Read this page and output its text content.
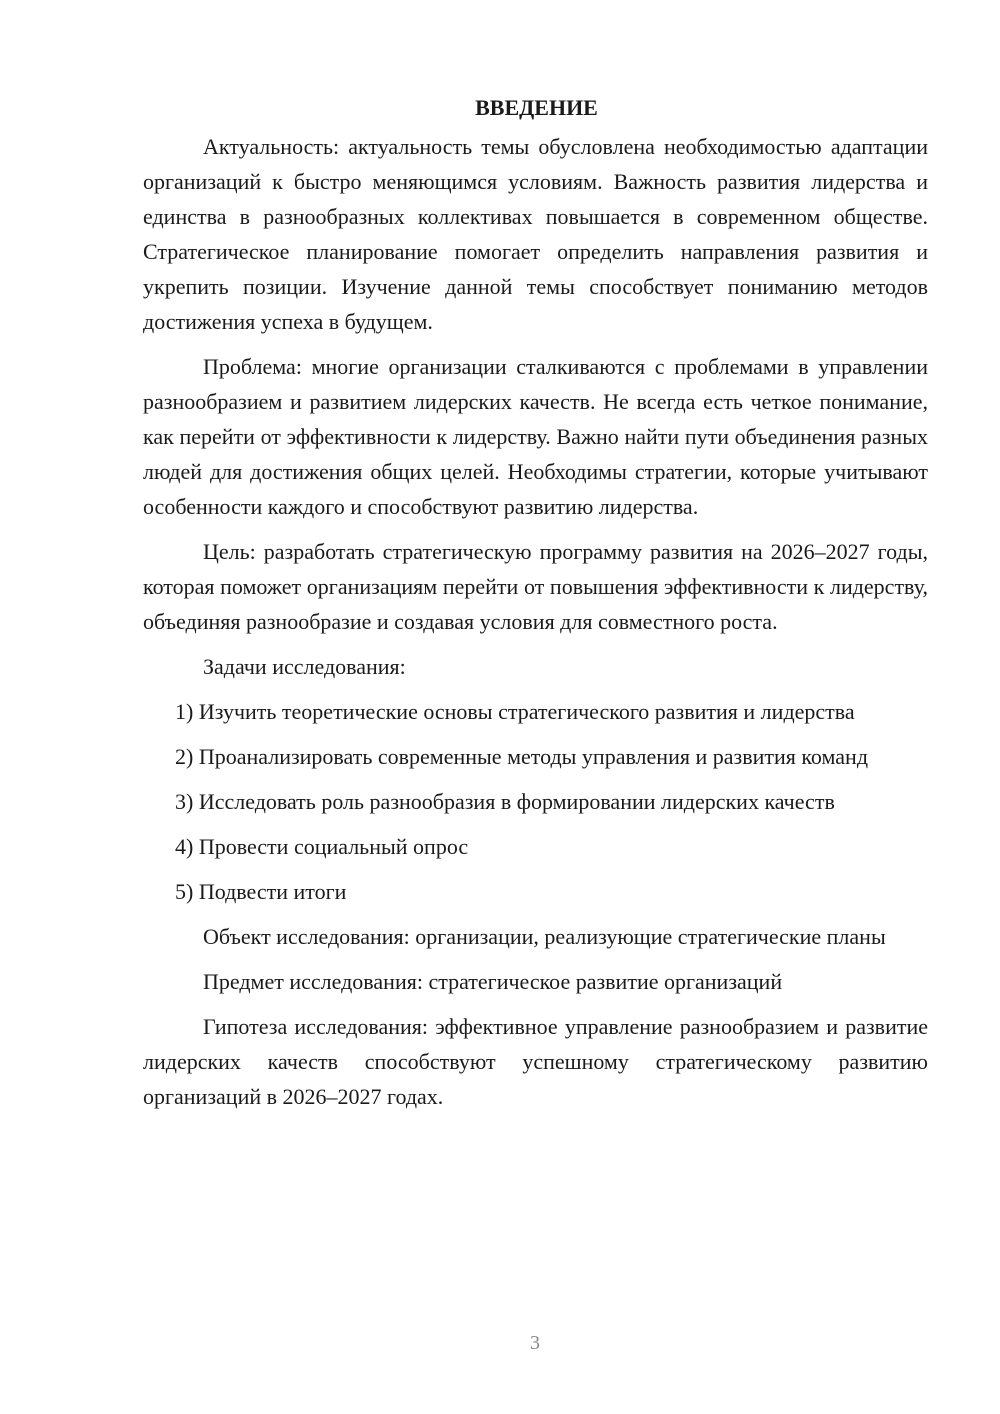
ВВЕДЕНИЕ

Актуальность: актуальность темы обусловлена необходимостью адаптации организаций к быстро меняющимся условиям. Важность развития лидерства и единства в разнообразных коллективах повышается в современном обществе. Стратегическое планирование помогает определить направления развития и укрепить позиции. Изучение данной темы способствует пониманию методов достижения успеха в будущем.

Проблема: многие организации сталкиваются с проблемами в управлении разнообразием и развитием лидерских качеств. Не всегда есть четкое понимание, как перейти от эффективности к лидерству. Важно найти пути объединения разных людей для достижения общих целей. Необходимы стратегии, которые учитывают особенности каждого и способствуют развитию лидерства.

Цель: разработать стратегическую программу развития на 2026–2027 годы, которая поможет организациям перейти от повышения эффективности к лидерству, объединяя разнообразие и создавая условия для совместного роста.

Задачи исследования:

1) Изучить теоретические основы стратегического развития и лидерства

2) Проанализировать современные методы управления и развития команд

3) Исследовать роль разнообразия в формировании лидерских качеств

4) Провести социальный опрос

5) Подвести итоги

Объект исследования: организации, реализующие стратегические планы

Предмет исследования: стратегическое развитие организаций

Гипотеза исследования: эффективное управление разнообразием и развитие лидерских качеств способствуют успешному стратегическому развитию организаций в 2026–2027 годах.

3
